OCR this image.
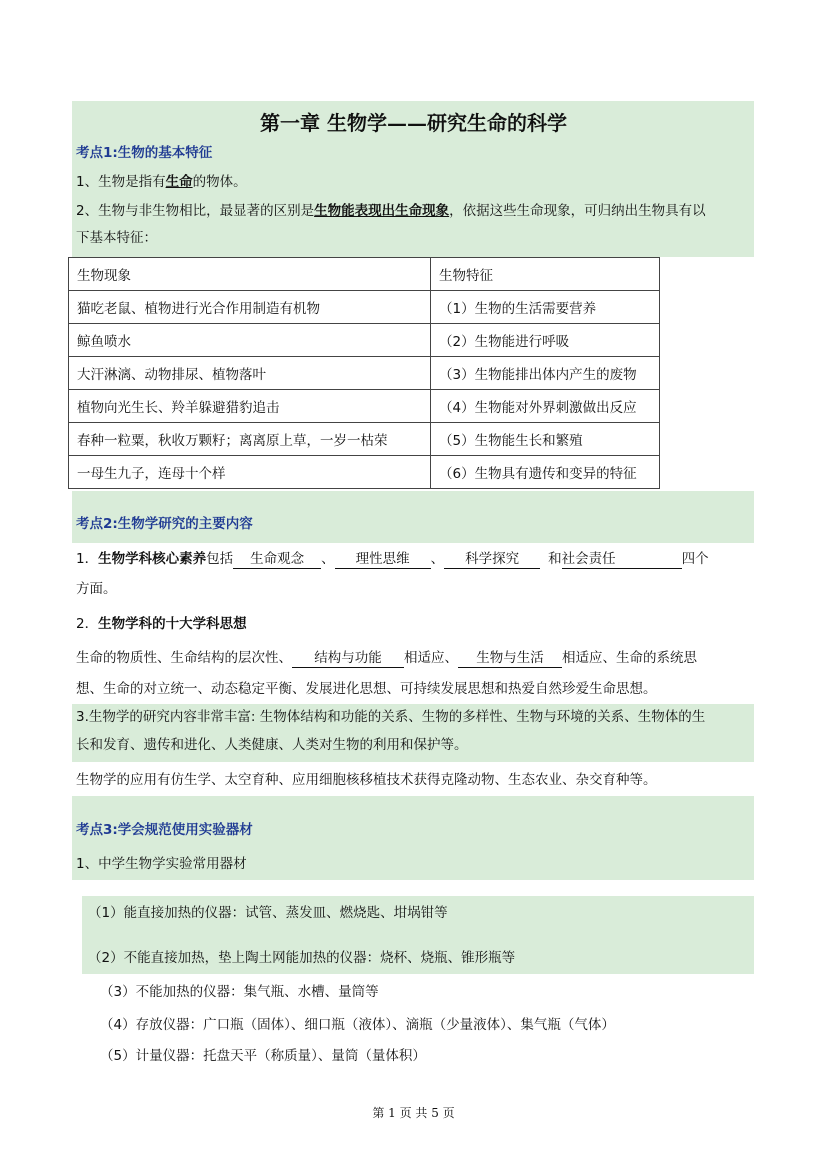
第一章 生物学——研究生命的科学
考点1:生物的基本特征
1、生物是指有生命的物体。
2、生物与非生物相比，最显著的区别是生物能表现出生命现象，依据这些生命现象，可归纳出生物具有以
下基本特征：
生物现象	生物特征
猫吃老鼠、植物进行光合作用制造有机物	（1）生物的生活需要营养
鲸鱼喷水	（2）生物能进行呼吸
大汗淋漓、动物排尿、植物落叶	（3）生物能排出体内产生的废物
植物向光生长、羚羊躲避猎豹追击	（4）生物能对外界刺激做出反应
春种一粒粟，秋收万颗籽；离离原上草，一岁一枯荣	（5）生物能生长和繁殖
一母生九子，连母十个样	（6）生物具有遗传和变异的特征
考点2:生物学研究的主要内容
1．生物学科核心素养包括 生命观念 、 理性思维 、 科学探究 和社会责任	四个
方面。
2．生物学科的十大学科思想
生命的物质性、生命结构的层次性、 结构与功能 相适应、 生物与生活 相适应、生命的系统思
想、生命的对立统一、动态稳定平衡、发展进化思想、可持续发展思想和热爱自然珍爱生命思想。
3.生物学的研究内容非常丰富: 生物体结构和功能的关系、生物的多样性、生物与环境的关系、生物体的生
长和发育、遗传和进化、人类健康、人类对生物的利用和保护等。
生物学的应用有仿生学、太空育种、应用细胞核移植技术获得克隆动物、生态农业、杂交育种等。
考点3:学会规范使用实验器材
1、中学生物学实验常用器材
（1）能直接加热的仪器：试管、蒸发皿、燃烧匙、坩埚钳等
（2）不能直接加热，垫上陶土网能加热的仪器：烧杯、烧瓶、锥形瓶等
（3）不能加热的仪器：集气瓶、水槽、量筒等
（4）存放仪器：广口瓶（固体）、细口瓶（液体）、滴瓶（少量液体）、集气瓶（气体）
（5）计量仪器：托盘天平（称质量）、量筒（量体积）
第 1 页 共 5 页
